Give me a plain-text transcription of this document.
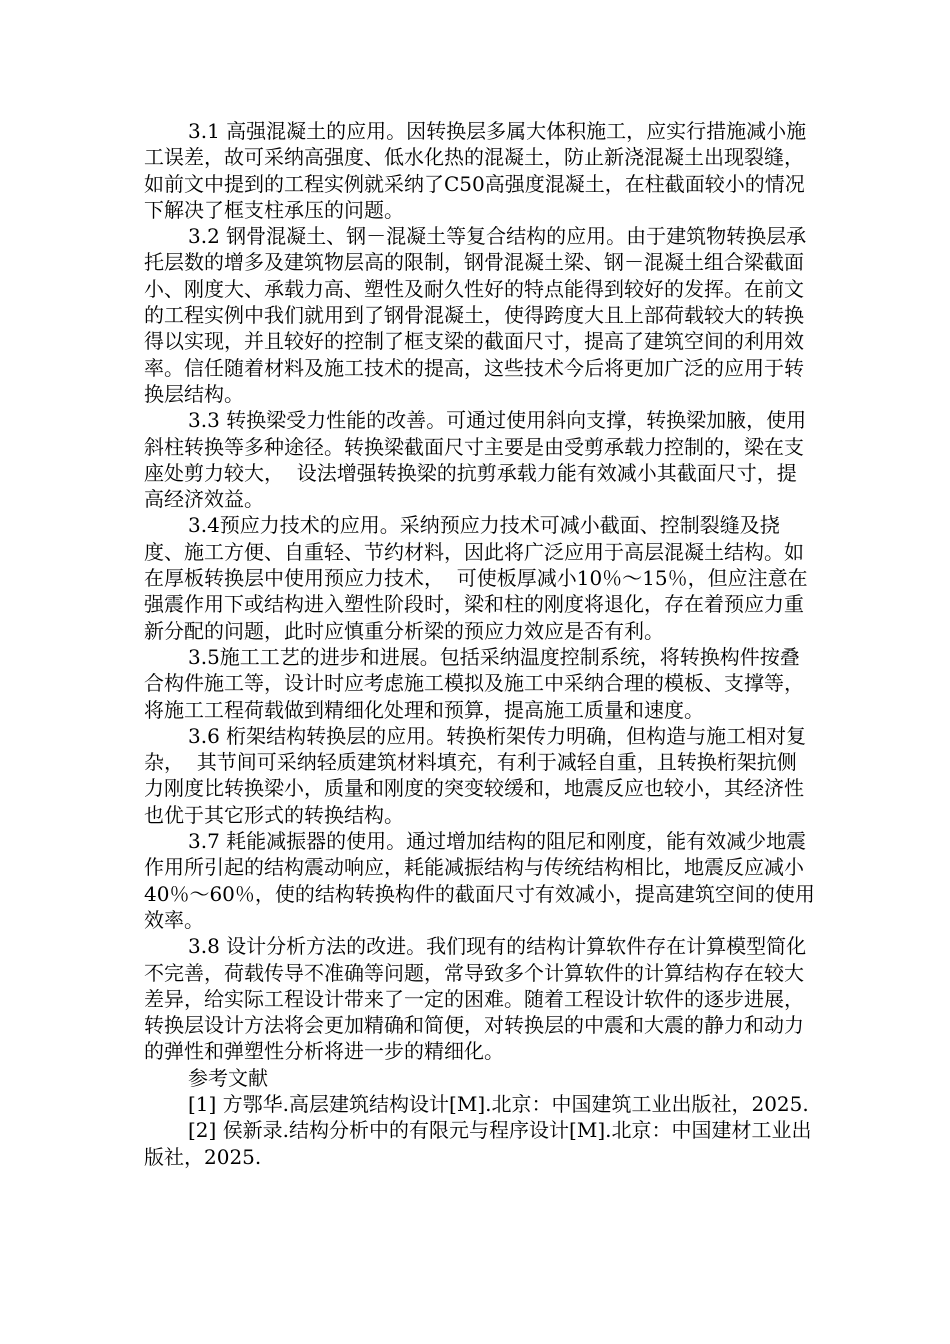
3.1 高强混凝土的应用。因转换层多属大体积施工，应实行措施减小施工误差，故可采纳高强度、低水化热的混凝土，防止新浇混凝土出现裂缝，如前文中提到的工程实例就采纳了C50高强度混凝土，在柱截面较小的情况下解决了框支柱承压的问题。

3.2 钢骨混凝土、钢－混凝土等复合结构的应用。由于建筑物转换层承托层数的增多及建筑物层高的限制，钢骨混凝土梁、钢－混凝土组合梁截面小、刚度大、承载力高、塑性及耐久性好的特点能得到较好的发挥。在前文的工程实例中我们就用到了钢骨混凝土，使得跨度大且上部荷载较大的转换得以实现，并且较好的控制了框支梁的截面尺寸，提高了建筑空间的利用效率。信任随着材料及施工技术的提高，这些技术今后将更加广泛的应用于转换层结构。

3.3 转换梁受力性能的改善。可通过使用斜向支撑，转换梁加腋，使用斜柱转换等多种途径。转换梁截面尺寸主要是由受剪承载力控制的，梁在支座处剪力较大，  设法增强转换梁的抗剪承载力能有效减小其截面尺寸，提高经济效益。

3.4预应力技术的应用。采纳预应力技术可减小截面、控制裂缝及挠度、施工方便、自重轻、节约材料，因此将广泛应用于高层混凝土结构。如在厚板转换层中使用预应力技术，  可使板厚减小10％～15％，但应注意在强震作用下或结构进入塑性阶段时，梁和柱的刚度将退化，存在着预应力重新分配的问题，此时应慎重分析梁的预应力效应是否有利。

3.5施工工艺的进步和进展。包括采纳温度控制系统，将转换构件按叠合构件施工等，设计时应考虑施工模拟及施工中采纳合理的模板、支撑等，将施工工程荷载做到精细化处理和预算，提高施工质量和速度。

3.6 桁架结构转换层的应用。转换桁架传力明确，但构造与施工相对复杂，  其节间可采纳轻质建筑材料填充，有利于减轻自重，且转换桁架抗侧力刚度比转换梁小，质量和刚度的突变较缓和，地震反应也较小，其经济性也优于其它形式的转换结构。

3.7 耗能减振器的使用。通过增加结构的阻尼和刚度，能有效减少地震作用所引起的结构震动响应，耗能减振结构与传统结构相比，地震反应减小40％～60％，使的结构转换构件的截面尺寸有效减小，提高建筑空间的使用效率。

3.8 设计分析方法的改进。我们现有的结构计算软件存在计算模型简化不完善，荷载传导不准确等问题，常导致多个计算软件的计算结构存在较大差异，给实际工程设计带来了一定的困难。随着工程设计软件的逐步进展，转换层设计方法将会更加精确和简便，对转换层的中震和大震的静力和动力的弹性和弹塑性分析将进一步的精细化。

参考文献

[1] 方鄂华.高层建筑结构设计[M].北京：中国建筑工业出版社，2025.

[2] 侯新录.结构分析中的有限元与程序设计[M].北京：中国建材工业出版社，2025.
